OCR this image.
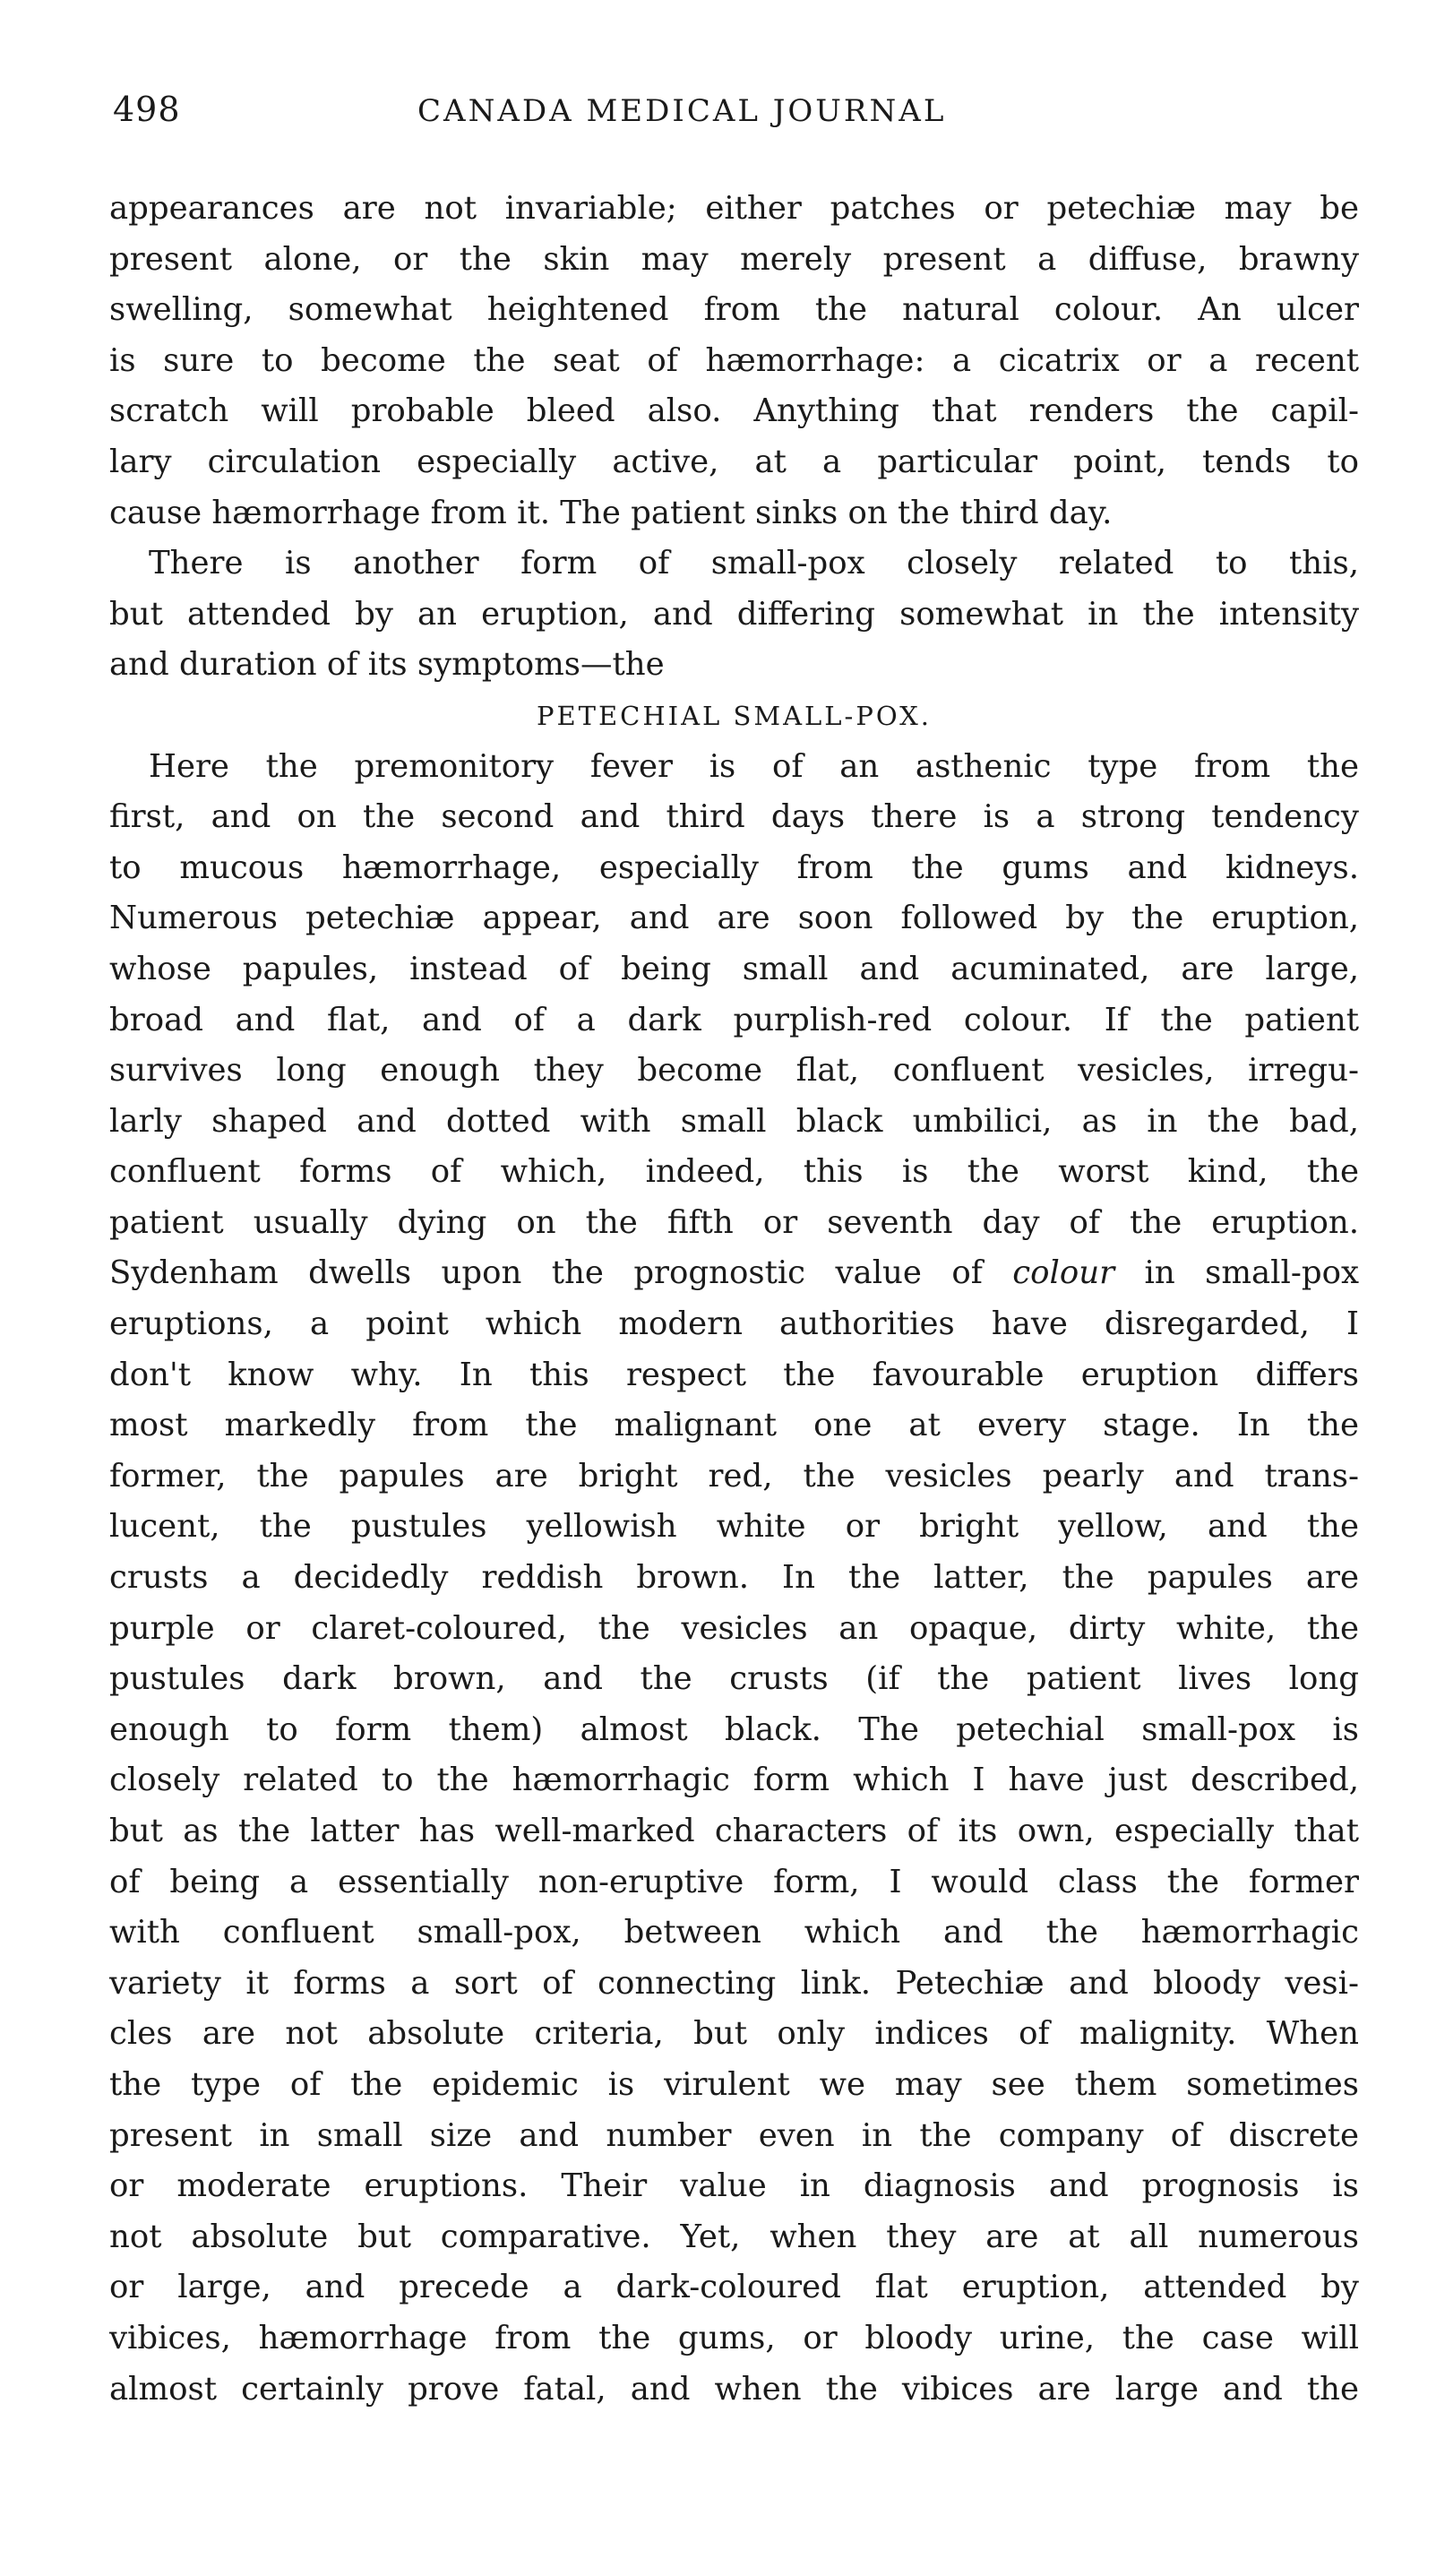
498	CANADA MEDICAL JOURNAL
appearances are not invariable; either patches or petechiæ may be
present alone, or the skin may merely present a diffuse, brawny
swelling, somewhat heightened from the natural colour. An ulcer
is sure to become the seat of hæmorrhage: a cicatrix or a recent
scratch will probable bleed also. Anything that renders the capil-
lary circulation especially active, at a particular point, tends to
cause hæmorrhage from it. The patient sinks on the third day.
There is another form of small-pox closely related to this,
but attended by an eruption, and differing somewhat in the intensity
and duration of its symptoms—the
PETECHIAL SMALL-POX.
Here the premonitory fever is of an asthenic type from the
first, and on the second and third days there is a strong tendency
to mucous hæmorrhage, especially from the gums and kidneys.
Numerous petechiæ appear, and are soon followed by the eruption,
whose papules, instead of being small and acuminated, are large,
broad and flat, and of a dark purplish-red colour. If the patient
survives long enough they become flat, confluent vesicles, irregu-
larly shaped and dotted with small black umbilici, as in the bad,
confluent forms of which, indeed, this is the worst kind, the
patient usually dying on the fifth or seventh day of the eruption.
Sydenham dwells upon the prognostic value of colour in small-pox
eruptions, a point which modern authorities have disregarded, I
don't know why. In this respect the favourable eruption differs
most markedly from the malignant one at every stage. In the
former, the papules are bright red, the vesicles pearly and trans-
lucent, the pustules yellowish white or bright yellow, and the
crusts a decidedly reddish brown. In the latter, the papules are
purple or claret-coloured, the vesicles an opaque, dirty white, the
pustules dark brown, and the crusts (if the patient lives long
enough to form them) almost black. The petechial small-pox is
closely related to the hæmorrhagic form which I have just described,
but as the latter has well-marked characters of its own, especially that
of being a essentially non-eruptive form, I would class the former
with confluent small-pox, between which and the hæmorrhagic
variety it forms a sort of connecting link. Petechiæ and bloody vesi-
cles are not absolute criteria, but only indices of malignity. When
the type of the epidemic is virulent we may see them sometimes
present in small size and number even in the company of discrete
or moderate eruptions. Their value in diagnosis and prognosis is
not absolute but comparative. Yet, when they are at all numerous
or large, and precede a dark-coloured flat eruption, attended by
vibices, hæmorrhage from the gums, or bloody urine, the case will
almost certainly prove fatal, and when the vibices are large and the
